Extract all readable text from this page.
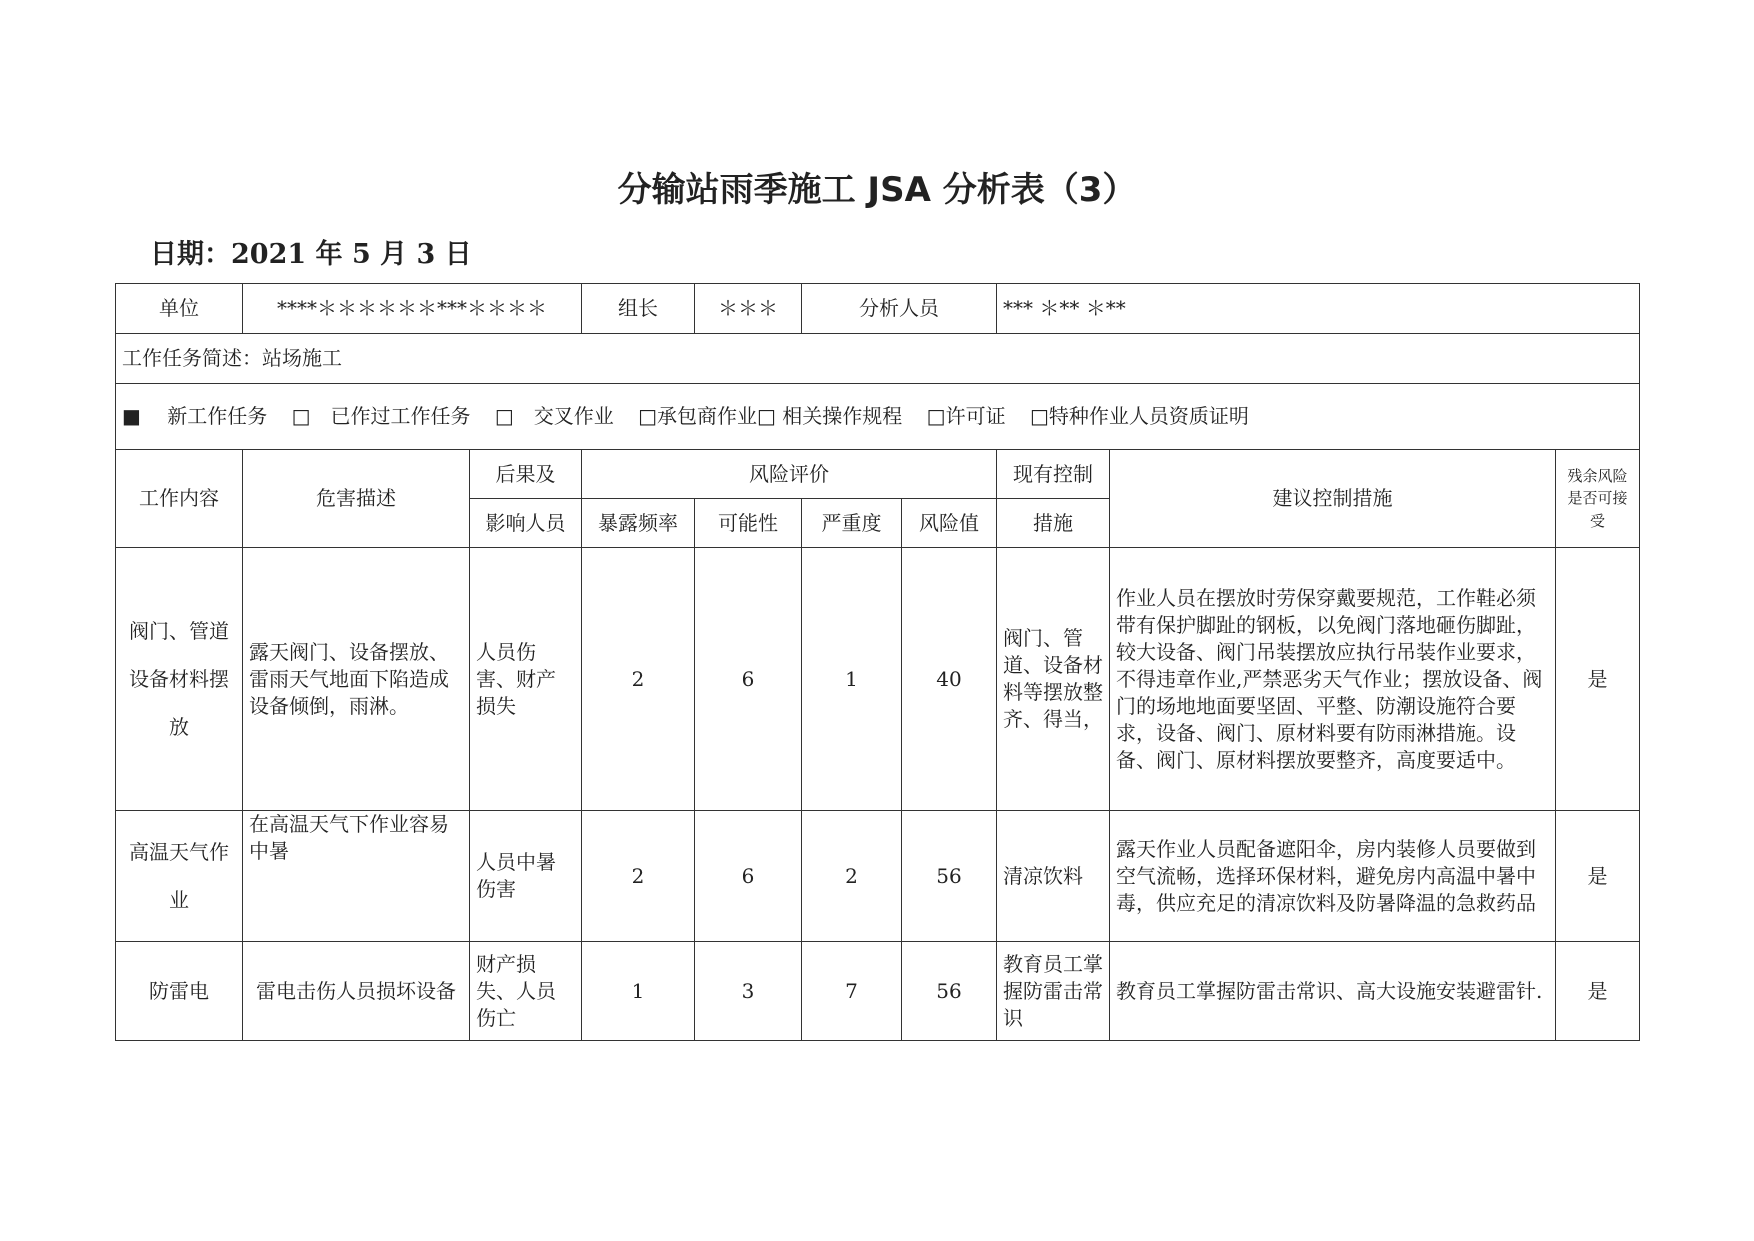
分输站雨季施工 JSA 分析表（3）
日期：2021 年 5 月 3 日
单位	****＊＊＊＊＊＊***＊＊＊＊		组长	＊＊＊	分析人员		*** ＊** ＊**		
工作任务简述：站场施工									
■　 新工作任务 □　已作过工作任务 □　交叉作业 □承包商作业□ 相关操作规程 □许可证 □特种作业人员资质证明									
工作内容	危害描述	后果及	风险评价				现有控制	建议控制措施	残余风险是否可接受
		影响人员	暴露频率	可能性	严重度	风险值	措施		
阀门、管道设备材料摆放	露天阀门、设备摆放、雷雨天气地面下陷造成设备倾倒，雨淋。	人员伤害、财产损失	2	6	1	40	阀门、管道、设备材料等摆放整齐、得当，	作业人员在摆放时劳保穿戴要规范，工作鞋必须带有保护脚趾的钢板，以免阀门落地砸伤脚趾，较大设备、阀门吊装摆放应执行吊装作业要求，不得违章作业,严禁恶劣天气作业；摆放设备、阀门的场地地面要坚固、平整、防潮设施符合要求，设备、阀门、原材料要有防雨淋措施。设备、阀门、原材料摆放要整齐，高度要适中。	是
高温天气作业	在高温天气下作业容易中暑	人员中暑伤害	2	6	2	56	清凉饮料	露天作业人员配备遮阳伞，房内装修人员要做到空气流畅，选择环保材料，避免房内高温中暑中毒，供应充足的清凉饮料及防暑降温的急救药品	是
防雷电	雷电击伤人员损坏设备	财产损失、人员伤亡	1	3	7	56	教育员工掌握防雷击常识	教育员工掌握防雷击常识、高大设施安装避雷针.	是
